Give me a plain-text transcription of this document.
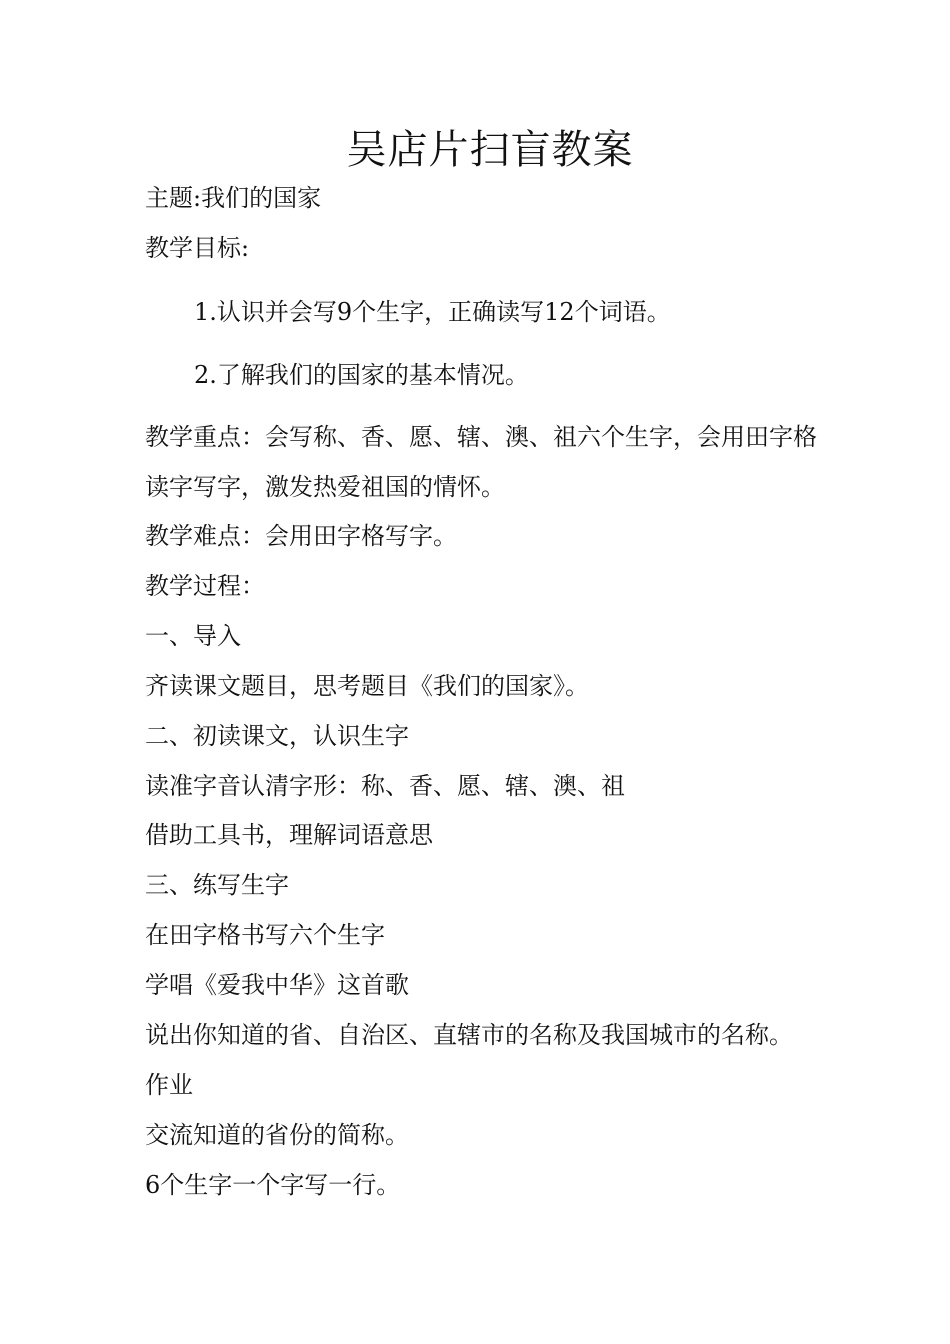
吴店片扫盲教案
主题:我们的国家
教学目标:
1.认识并会写9个生字，正确读写12个词语。
2.了解我们的国家的基本情况。
教学重点：会写称、香、愿、辖、澳、祖六个生字，会用田字格
读字写字，激发热爱祖国的情怀。
教学难点：会用田字格写字。
教学过程：
一、导入
齐读课文题目，思考题目《我们的国家》。
二、初读课文，认识生字
读准字音认清字形：称、香、愿、辖、澳、祖
借助工具书，理解词语意思
三、练写生字
在田字格书写六个生字
学唱《爱我中华》这首歌
说出你知道的省、自治区、直辖市的名称及我国城市的名称。
作业
交流知道的省份的简称。
6个生字一个字写一行。
